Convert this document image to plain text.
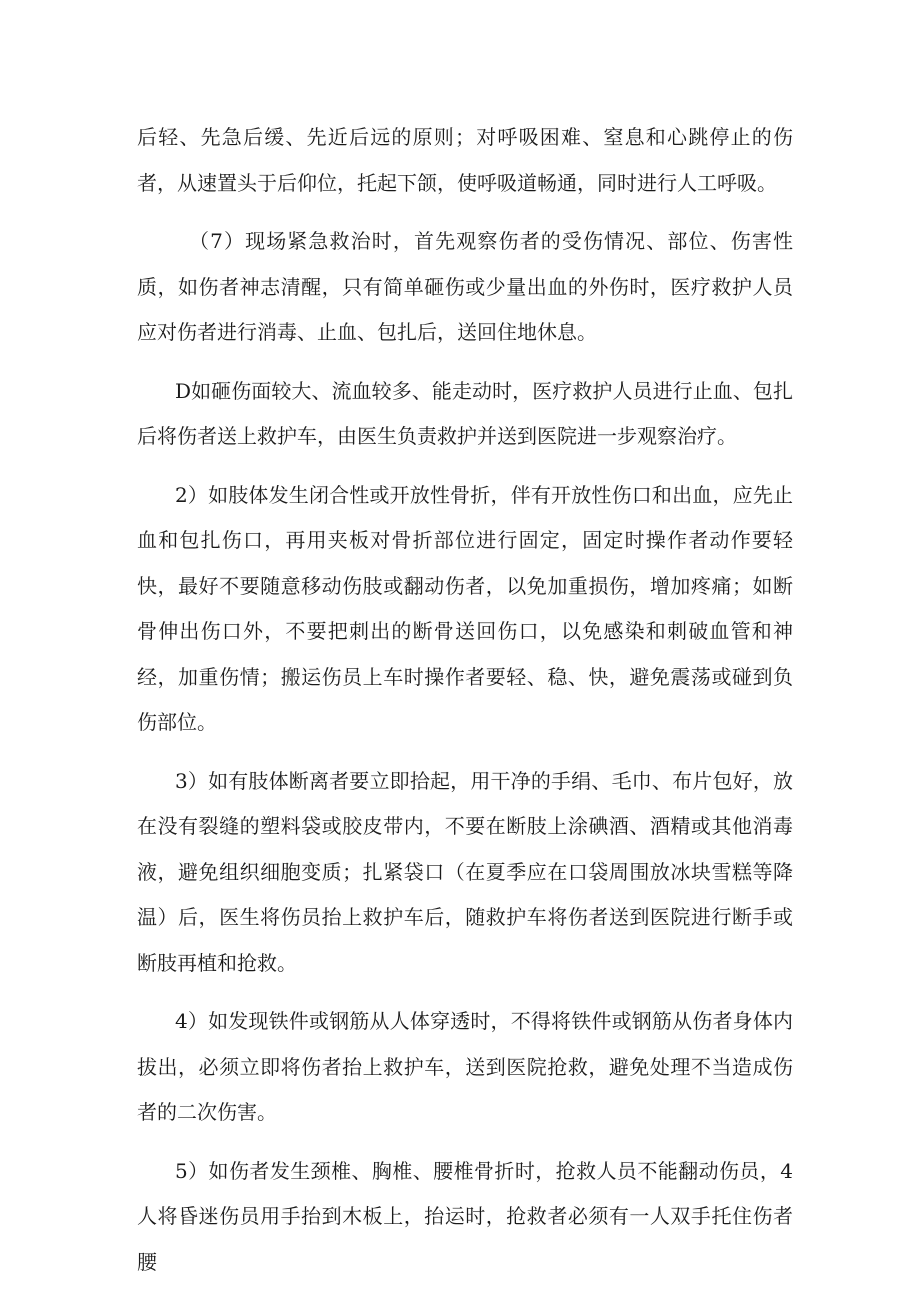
后轻、先急后缓、先近后远的原则；对呼吸困难、窒息和心跳停止的伤者，从速置头于后仰位，托起下颌，使呼吸道畅通，同时进行人工呼吸。

（7）现场紧急救治时，首先观察伤者的受伤情况、部位、伤害性质，如伤者神志清醒，只有简单砸伤或少量出血的外伤时，医疗救护人员应对伤者进行消毒、止血、包扎后，送回住地休息。

D如砸伤面较大、流血较多、能走动时，医疗救护人员进行止血、包扎后将伤者送上救护车，由医生负责救护并送到医院进一步观察治疗。

2）如肢体发生闭合性或开放性骨折，伴有开放性伤口和出血，应先止血和包扎伤口，再用夹板对骨折部位进行固定，固定时操作者动作要轻快，最好不要随意移动伤肢或翻动伤者，以免加重损伤，增加疼痛；如断骨伸出伤口外，不要把刺出的断骨送回伤口，以免感染和刺破血管和神经，加重伤情；搬运伤员上车时操作者要轻、稳、快，避免震荡或碰到负伤部位。

3）如有肢体断离者要立即拾起，用干净的手绢、毛巾、布片包好，放在没有裂缝的塑料袋或胶皮带内，不要在断肢上涂碘酒、酒精或其他消毒液，避免组织细胞变质；扎紧袋口（在夏季应在口袋周围放冰块雪糕等降温）后，医生将伤员抬上救护车后，随救护车将伤者送到医院进行断手或断肢再植和抢救。

4）如发现铁件或钢筋从人体穿透时，不得将铁件或钢筋从伤者身体内拔出，必须立即将伤者抬上救护车，送到医院抢救，避免处理不当造成伤者的二次伤害。

5）如伤者发生颈椎、胸椎、腰椎骨折时，抢救人员不能翻动伤员，4人将昏迷伤员用手抬到木板上，抬运时，抢救者必须有一人双手托住伤者腰
